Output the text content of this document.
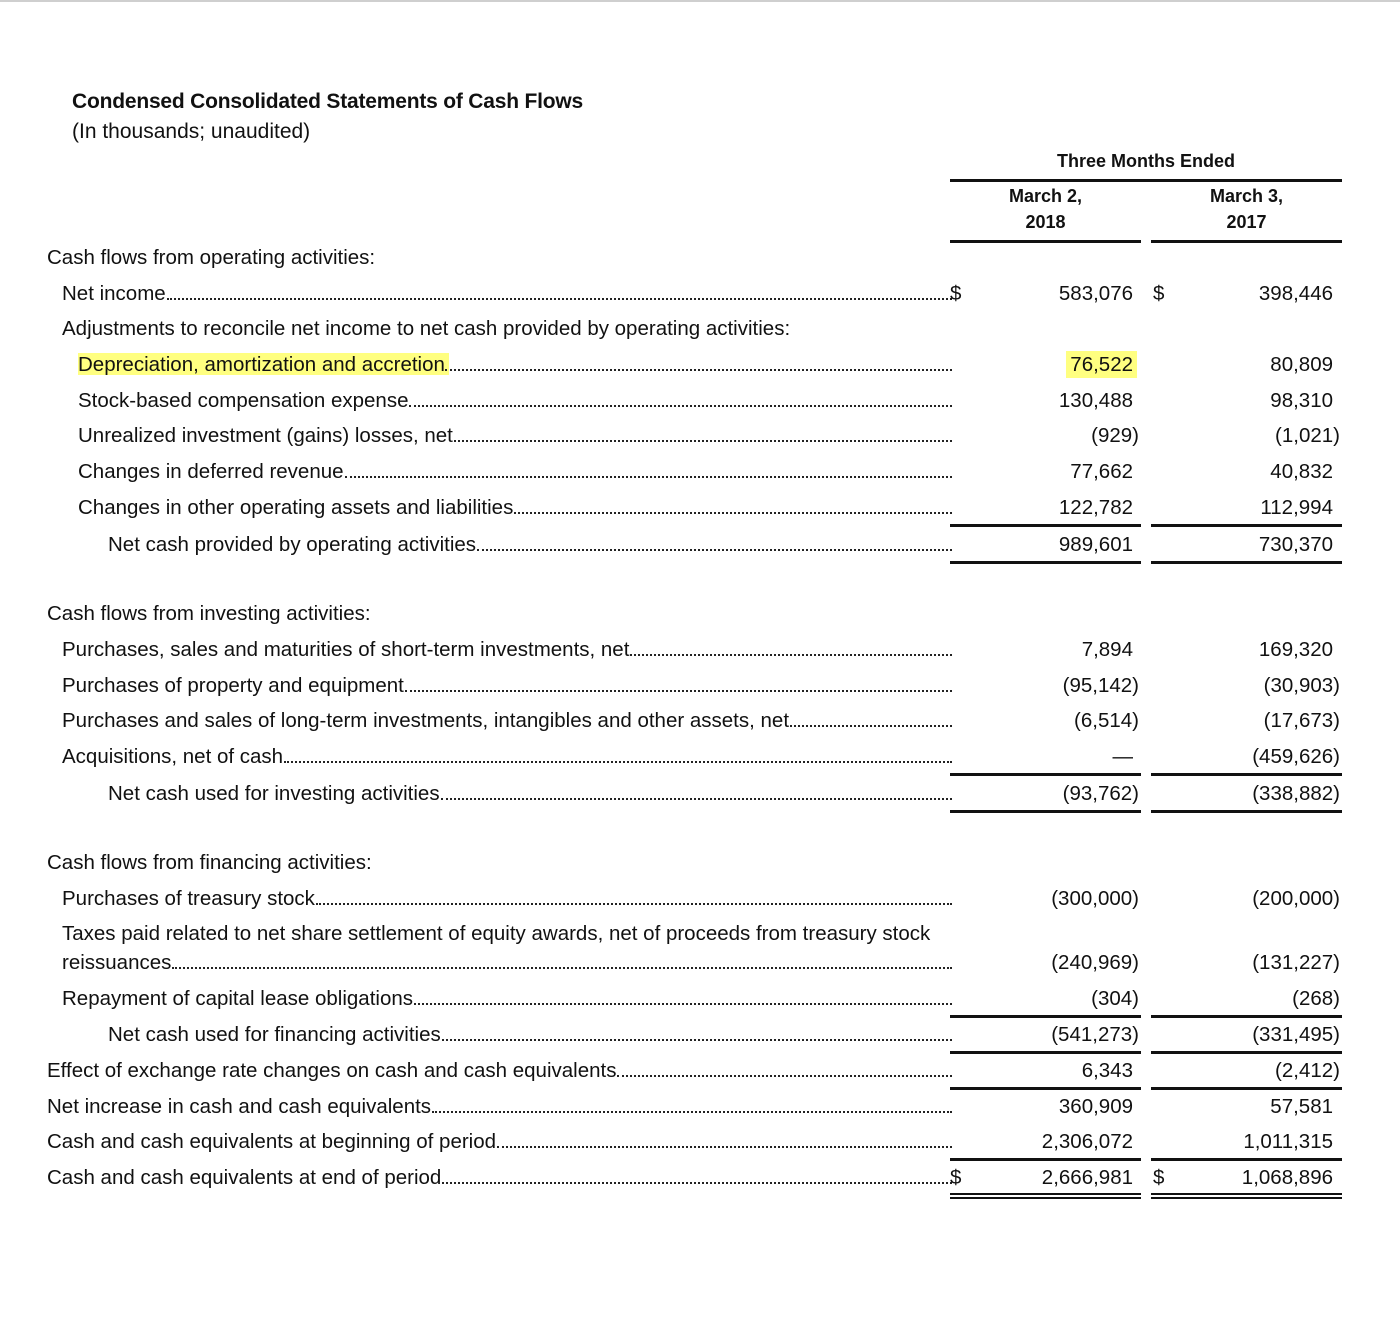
Condensed Consolidated Statements of Cash Flows
(In thousands; unaudited)
Three Months Ended
March 2,
2018
March 3,
2017
Cash flows from operating activities:
Net income	$	583,076 $	398,446
Adjustments to reconcile net income to net cash provided by operating activities:
Depreciation, amortization and accretion	76,522	80,809
Stock-based compensation expense	130,488	98,310
Unrealized investment (gains) losses, net	(929)	(1,021)
Changes in deferred revenue	77,662	40,832
Changes in other operating assets and liabilities	122,782	112,994
Net cash provided by operating activities	989,601	730,370
Cash flows from investing activities:
Purchases, sales and maturities of short-term investments, net	7,894	169,320
Purchases of property and equipment	(95,142)	(30,903)
Purchases and sales of long-term investments, intangibles and other assets, net	(6,514)	(17,673)
Acquisitions, net of cash	—	(459,626)
Net cash used for investing activities	(93,762)	(338,882)
Cash flows from financing activities:
Purchases of treasury stock	(300,000)	(200,000)
Taxes paid related to net share settlement of equity awards, net of proceeds from treasury stock
reissuances	(240,969)	(131,227)
Repayment of capital lease obligations	(304)	(268)
Net cash used for financing activities	(541,273)	(331,495)
Effect of exchange rate changes on cash and cash equivalents	6,343	(2,412)
Net increase in cash and cash equivalents	360,909	57,581
Cash and cash equivalents at beginning of period	2,306,072	1,011,315
Cash and cash equivalents at end of period	$	2,666,981 $	1,068,896
